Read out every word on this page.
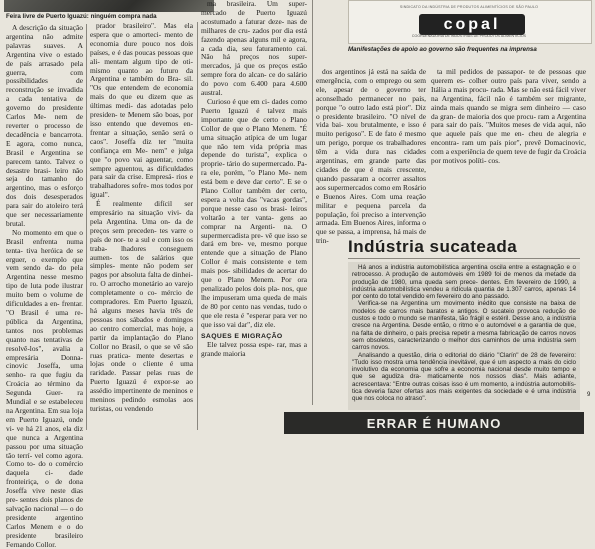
Feira livre de Puerto Iguazú: ninguém compra nada

A descrição da situação argentina não admite palavras suaves. A Argentina vive o estado de país arrasado pela guerra, com possibilidades de reconstrução se invadida a cada tentativa de governo do presidente Carlos Me- nem de reverter o processo de decadência e bancarrota. E agora, como nunca, Brasil e Argentina se parecem tanto. Talvez o desastre brasi- leiro não seja do tamanho do argentino, mas o esforço dos dois desesperados para sair do atoleiro terá que ser necessariamente brutal.

No momento em que o Brasil enfrenta numa tenta- tiva heróica de se erguer, o exemplo que vem sendo da- do pela Argentina nesse mesmo tipo de luta pode ilustrar muito bem o volume de dificuldades a en- frentar. "O Brasil é uma re- pública da Argentina, tantos nos problemas quanto nas tentativas de resolvê-los", avalia a empresária Donna- cinovic Joseffa, uma senho- ra que fugiu da Croácia ao término da Segunda Guer- ra Mundial e se estabeleceu na Argentina. Em sua loja em Puerto Iguazú, onde vi- ve há 21 anos, ela diz que nunca a Argentina passou por uma situação tão terrí- vel como agora. Como to- do o comércio daquela ci- dade fronteiriça, o de dona Joseffa vive neste dias pre- sentes dois planos de salvação nacional — o do presidente argentino Carlos Menem e o do presidente brasileiro Fernando Collor.

prador brasileiro". Mas ela espera que o amorteci- mento de economia dure pouco nos dois países, e é das poucas pessoas que ali- mentam algum tipo de oti- mismo quanto ao futuro da Argentina e também do Bra- sil. "Os que entendem de economia mais do que eu dizem que as últimas medi- das adotadas pelo presiden- te Menem são boas, por isso entendo que devemos en- frentar a situação, senão será o caos". Joseffa diz ter "muita confiança em Me- nem" e julga que "o povo vai aguentar, como sempre aguentou, as dificuldades para sair da crise. Empresá- rios e trabalhadores sofre- mos todos por igual".

É realmente difícil ser empresário na situação vivi- da pela Argentina. Uma on- da de preços sem preceden- tes varre o país de nor- te a sul e com isso os traba- lhadores conseguem aumen- tos de salários que simples- mente não podem ser pagos por absoluta falta de dinhei- ro. O arrocho monetário ao varejo completamente o co- mércio de compradores. Em Puerto Iguazú, há alguns meses havia três de pessoas nos sábados e domingos ao centro comercial, mas hoje, a partir da implantação do Plano Collor no Brasil, o que se vê são ruas pratica- mente desertas e lojas onde o cliente é uma raridade. Passar pelas ruas de Puerto Iguazú é expor-se ao assédio impertinente de meninos e meninos pedindo esmolas aos turistas, ou vendendo

ma brasileira. Um super- mercado de Puerto Iguazú acostumado a faturar deze- nas de milhares de cru- zados por dia está fazendo apenas alguns mil e agora, a cada dia, seu faturamento cai. Não há preços nos super- mercados, já que os preços estão sempre fora do alcan- ce do salário do povo com 6.400 para 4.600 austral.

Curioso é que em ci- dades como Puerto Iguazú é talvez mais importante que de certo o Plano Collor de que o Plano Menem. "É uma situação atípica de um lugar que não tem vida própria mas depende do turista", explica o proprie- tário do supermercado. Pa- ra ele, porém, "o Plano Me- nem está bem e deve dar certo". E se o Plano Collor também der certo, espera a volta das "vacas gordas", porque nesse caso os brasi- leiros voltarão a ter vanta- gens ao comprar na Argenti- na. O supermercadista pre- vê que isso se dará em bre- ve, mesmo porque entende que a situação de Plano Collor é mais consistente e tem mais pos- sibilidades de acertar do que o Plano Menem. Por ora penalizado pelos dois pla- nos, que lhe impuseram uma queda de mais de 80 por cento nas vendas, tudo o que ele resta é "esperar para ver no que isso vai dar", diz ele.

SAQUES E MIGRAÇÃO

Ele talvez possa espe- rar, mas a grande maioria

SINDICATO DA INDÚSTRIA DE PRODUTOS ALIMENTÍCIOS DE SÃO PAULO
copal
COORDENADORIA DE INDÚSTRIAS DE PRODUTOS ALIMENTÍCIOS
Manifestações de apoio ao governo são frequentes na imprensa

dos argentinos já está na saída de emergência, com o emprego ou sem ele, apesar de o governo ter aconselhado permanecer no país, porque "o outro lado está pior". Diz o presidente brasileiro. "O nível de vida bai- xou brutalmente, e isso é muito perigoso". E de fato é mesmo um perigo, porque os trabalhadores têm a vida dura nas cidades argentinas, em grande parte das cidades de que é mais crescente, quando passaram a ocorrer assaltos aos supermercados como em Rosário e Buenos Aires. Com uma reação militar e pequena parcela da população, foi preciso a intervenção armada. Em Buenos Aires, informa o que se passa, a imprensa, há mais de trin-

ta mil pedidos de passapor- te de pessoas que querem es- colher outro país para viver, sendo a Itália a mais procu- rada. Mas se não está fácil viver na Argentina, fácil não é também ser migrante, ainda mais quando se migra sem dinheiro — caso da gran- de maioria dos que procu- ram a Argentina para sair do país. "Muitos meses de vida aqui, não que aquele país que me en- cheu de alegria e encontra- ram um país pior", prevê Domacinovic, com a experiência de quem teve de fugir da Croácia por motivos políti- cos.

Indústria sucateada

Há anos a indústria automobilística argentina oscila entre a estagnação e o retrocesso. A produção de automóveis em 1989 foi de menos da metade da produção de 1980, uma queda sem prece- dentes. Em fevereiro de 1990, a indústria automobilística vendeu a ridícula quantia de 1.307 carros, apenas 14 por cento do total vendido em fevereiro do ano passado.

Verifica-se na Argentina um movimento inédito que consiste na baixa de modelos de carros mais baratos e antigos. O sucateio provoca redução de custos e todo o mundo se manifesta, tão frágil e estéril. Desse ano, a indústria cresce na Argentina. Desde então, o ritmo e o automóvel e a garantia de que, na falta de dinheiro, o país precisa repetir a mesma fabricação de carros novos sem obsoletos, caracterizando o melhor dos caminhos de uma indústria sem carros novos.

Analisando a questão, diria o editorial do diário "Clarín" de 28 de fevereiro: "Tudo isso mostra uma tendência inevitável, que é um aspecto a mais do ciclo involutivo da economia que sofre a economia nacional desde muito tempo e que se agudiza dra- maticamente nos nossos dias". Mais adiante, acrescentava: "Entre outras coisas isso é um momento, a indústria automobilís- tica deveria fazer ofertas aos mais exigentes da sociedade e é uma indústria que nos coloca no atraso".

9
ERRAR É HUMANO
